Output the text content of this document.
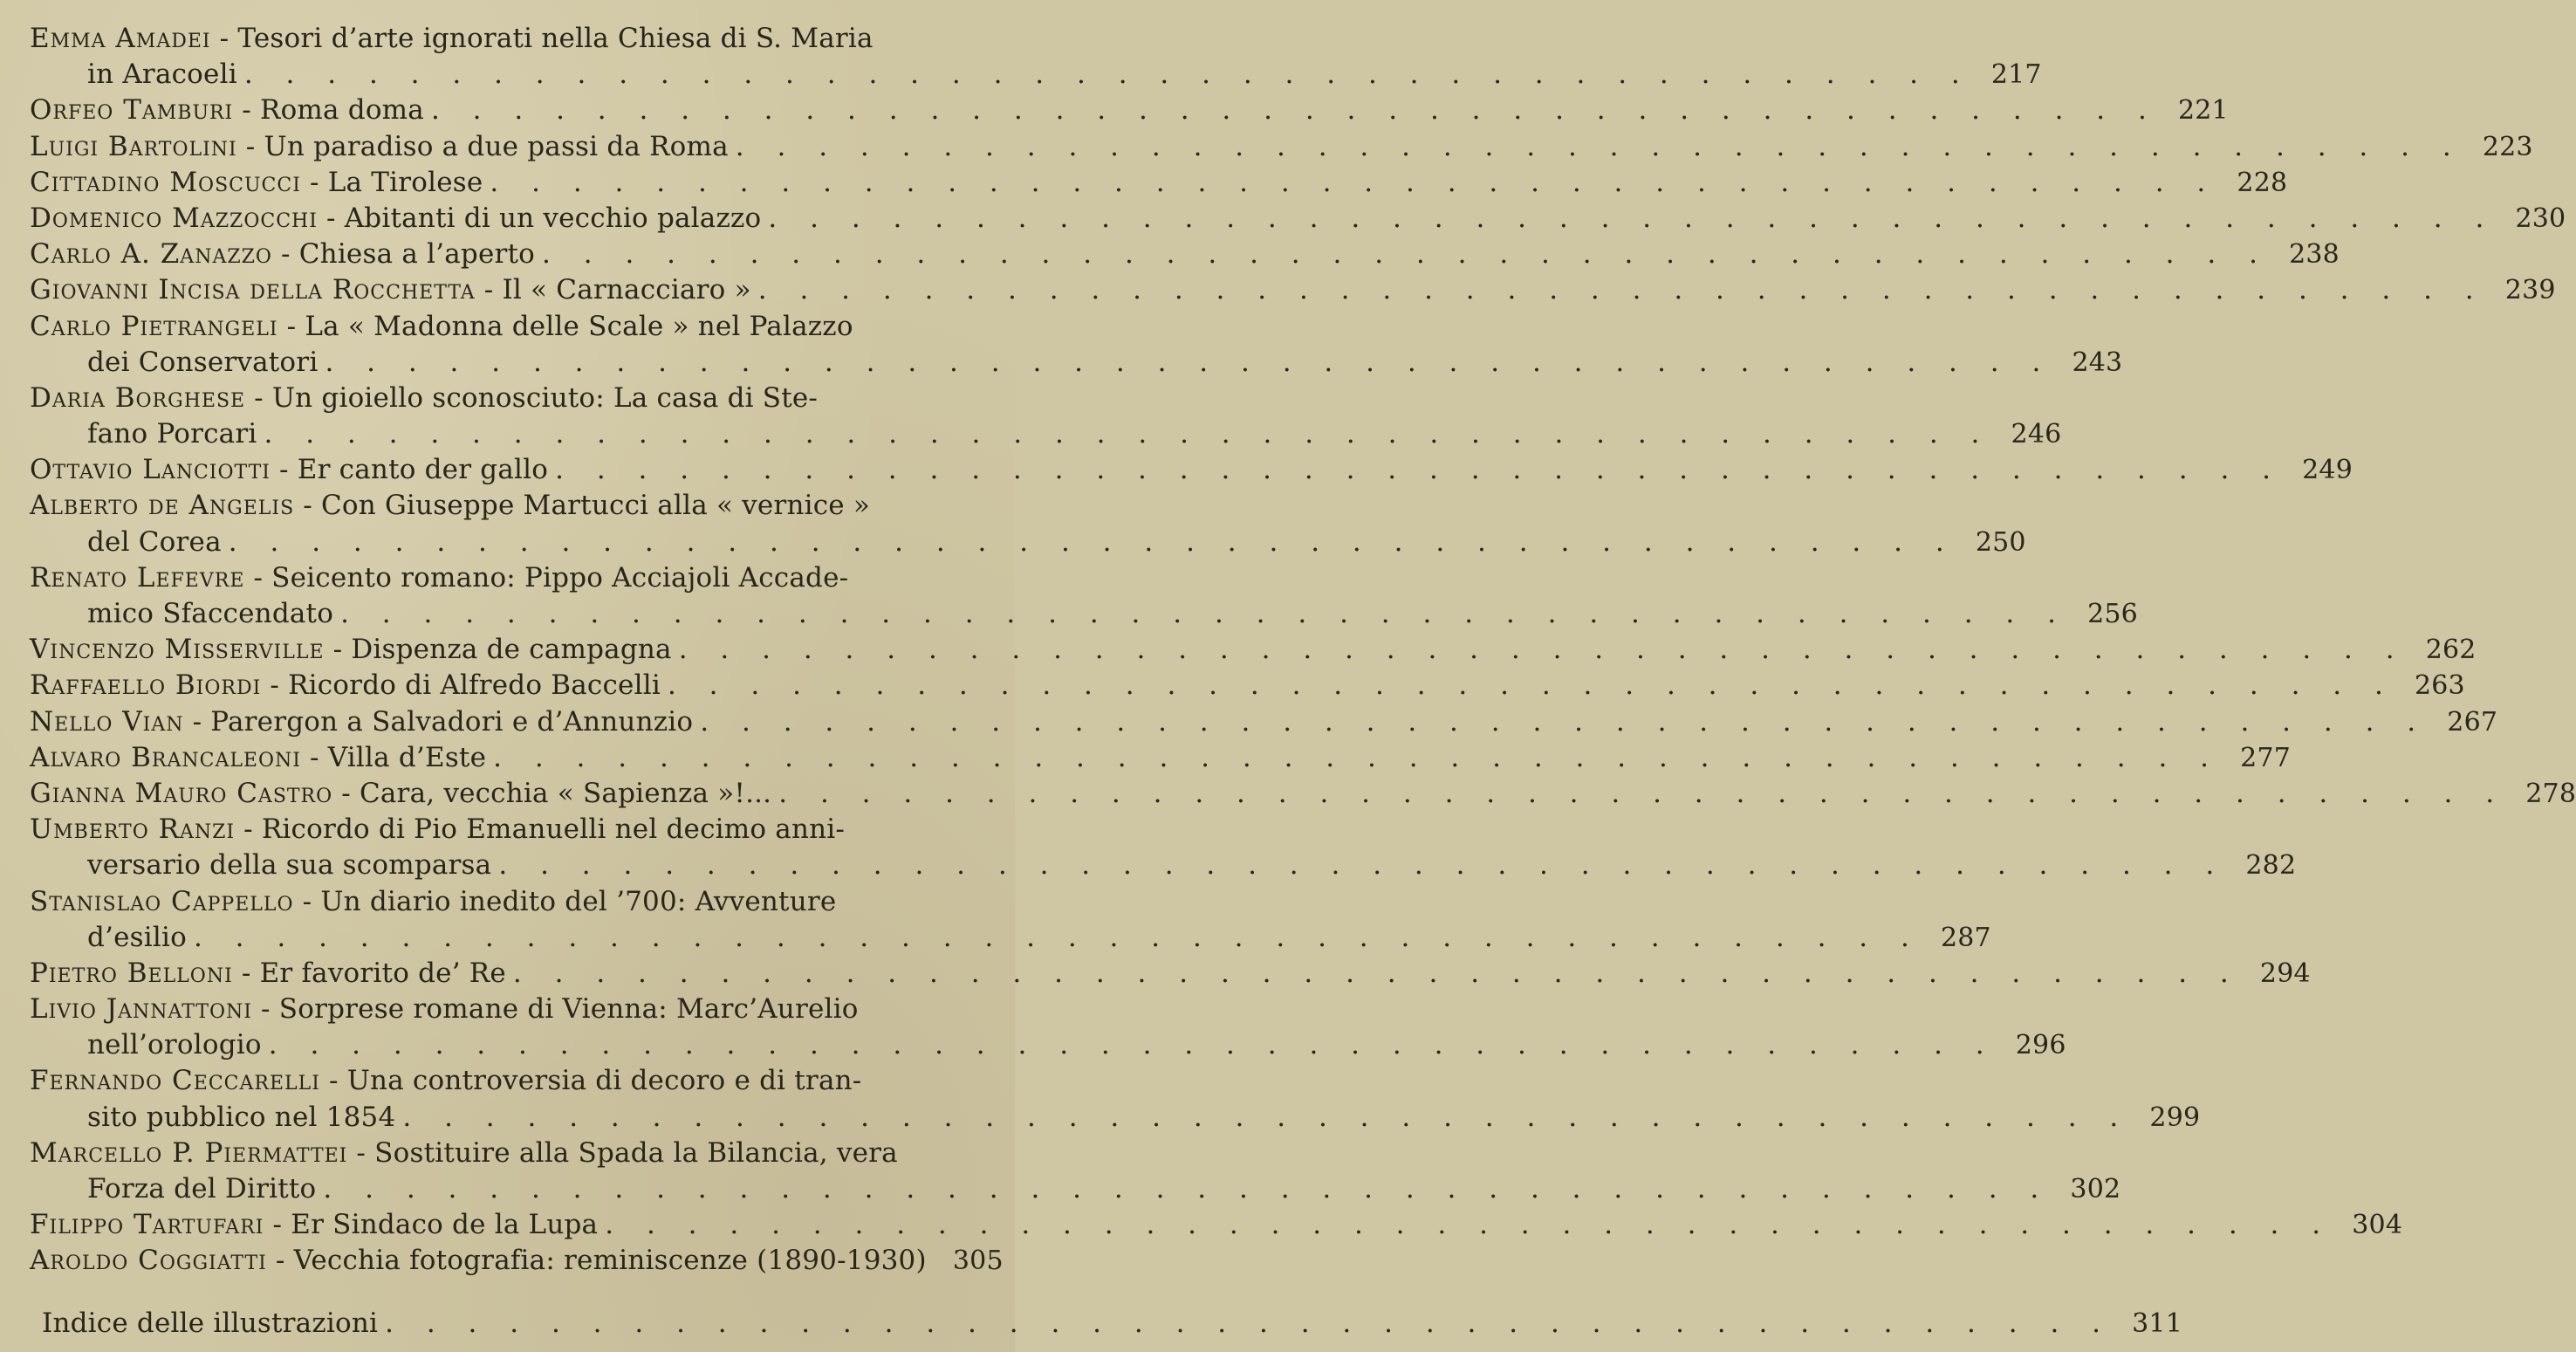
Emma Amadei - Tesori d’arte ignorati nella Chiesa di S. Maria
in Aracoeli . . . . . . . . . . . . . . . . . . . . . . . . . . . . . . . . . . . . . . . . . . 217
Orfeo Tamburi - Roma doma . . . . . . . . . . . . . . . . . . . . . . . . . . . . . . . . . . . . . . . . . . 221
Luigi Bartolini - Un paradiso a due passi da Roma . . . . . . . . . . . . . . . . . . . . . . . . . . . . . . . . . . . . . . . . . . 223
Cittadino Moscucci - La Tirolese . . . . . . . . . . . . . . . . . . . . . . . . . . . . . . . . . . . . . . . . . . 228
Domenico Mazzocchi - Abitanti di un vecchio palazzo . . . . . . . . . . . . . . . . . . . . . . . . . . . . . . . . . . . . . . . . . . 230
Carlo A. Zanazzo - Chiesa a l’aperto . . . . . . . . . . . . . . . . . . . . . . . . . . . . . . . . . . . . . . . . . . 238
Giovanni Incisa della Rocchetta - Il « Carnacciaro » . . . . . . . . . . . . . . . . . . . . . . . . . . . . . . . . . . . . . . . . . . 239
Carlo Pietrangeli - La « Madonna delle Scale » nel Palazzo
dei Conservatori . . . . . . . . . . . . . . . . . . . . . . . . . . . . . . . . . . . . . . . . . . 243
Daria Borghese - Un gioiello sconosciuto: La casa di Ste-
fano Porcari . . . . . . . . . . . . . . . . . . . . . . . . . . . . . . . . . . . . . . . . . . 246
Ottavio Lanciotti - Er canto der gallo . . . . . . . . . . . . . . . . . . . . . . . . . . . . . . . . . . . . . . . . . . 249
Alberto de Angelis - Con Giuseppe Martucci alla « vernice »
del Corea . . . . . . . . . . . . . . . . . . . . . . . . . . . . . . . . . . . . . . . . . . 250
Renato Lefevre - Seicento romano: Pippo Acciajoli Accade-
mico Sfaccendato . . . . . . . . . . . . . . . . . . . . . . . . . . . . . . . . . . . . . . . . . . 256
Vincenzo Misserville - Dispenza de campagna . . . . . . . . . . . . . . . . . . . . . . . . . . . . . . . . . . . . . . . . . . 262
Raffaello Biordi - Ricordo di Alfredo Baccelli . . . . . . . . . . . . . . . . . . . . . . . . . . . . . . . . . . . . . . . . . . 263
Nello Vian - Parergon a Salvadori e d’Annunzio . . . . . . . . . . . . . . . . . . . . . . . . . . . . . . . . . . . . . . . . . . 267
Alvaro Brancaleoni - Villa d’Este . . . . . . . . . . . . . . . . . . . . . . . . . . . . . . . . . . . . . . . . . . 277
Gianna Mauro Castro - Cara, vecchia « Sapienza »!... . . . . . . . . . . . . . . . . . . . . . . . . . . . . . . . . . . . . . . . . . . 278
Umberto Ranzi - Ricordo di Pio Emanuelli nel decimo anni-
versario della sua scomparsa . . . . . . . . . . . . . . . . . . . . . . . . . . . . . . . . . . . . . . . . . . 282
Stanislao Cappello - Un diario inedito del ’700: Avventure
d’esilio . . . . . . . . . . . . . . . . . . . . . . . . . . . . . . . . . . . . . . . . . . 287
Pietro Belloni - Er favorito de’ Re . . . . . . . . . . . . . . . . . . . . . . . . . . . . . . . . . . . . . . . . . . 294
Livio Jannattoni - Sorprese romane di Vienna: Marc’Aurelio
nell’orologio . . . . . . . . . . . . . . . . . . . . . . . . . . . . . . . . . . . . . . . . . . 296
Fernando Ceccarelli - Una controversia di decoro e di tran-
sito pubblico nel 1854 . . . . . . . . . . . . . . . . . . . . . . . . . . . . . . . . . . . . . . . . . . 299
Marcello P. Piermattei - Sostituire alla Spada la Bilancia, vera
Forza del Diritto . . . . . . . . . . . . . . . . . . . . . . . . . . . . . . . . . . . . . . . . . . 302
Filippo Tartufari - Er Sindaco de la Lupa . . . . . . . . . . . . . . . . . . . . . . . . . . . . . . . . . . . . . . . . . . 304
Aroldo Coggiatti - Vecchia fotografia: reminiscenze (1890-1930)	305
Indice delle illustrazioni . . . . . . . . . . . . . . . . . . . . . . . . . . . . . . . . . . . . . . . . . . 311
